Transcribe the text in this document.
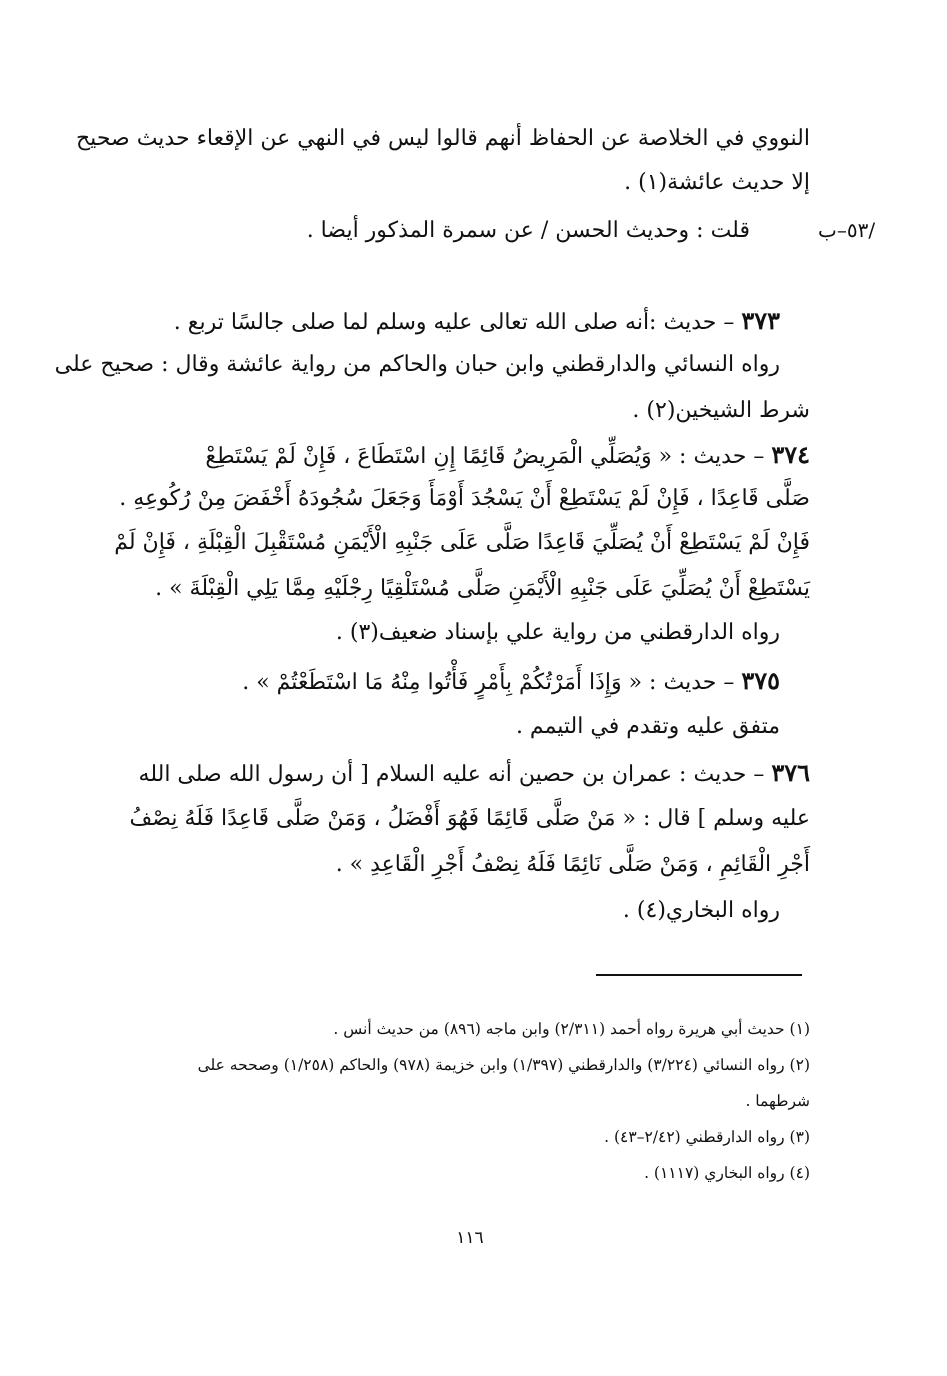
/٥٣–ب
النووي في الخلاصة عن الحفاظ أنهم قالوا ليس في النهي عن الإقعاء حديث صحيح
إلا حديث عائشة(١) .
قلت : وحديث الحسن / عن سمرة المذكور أيضا .
٣٧٣ – حديث :أنه صلى الله تعالى عليه وسلم لما صلى جالسًا تربع .
رواه النسائي والدارقطني وابن حبان والحاكم من رواية عائشة وقال : صحيح على
شرط الشيخين(٢) .
٣٧٤ – حديث : « وَيُصَلِّي الْمَرِيضُ قَائِمًا إِنِ اسْتَطَاعَ ، فَإِنْ لَمْ يَسْتَطِعْ
صَلَّى قَاعِدًا ، فَإِنْ لَمْ يَسْتَطِعْ أَنْ يَسْجُدَ أَوْمَأَ وَجَعَلَ سُجُودَهُ أَخْفَضَ مِنْ رُكُوعِهِ .
فَإِنْ لَمْ يَسْتَطِعْ أَنْ يُصَلِّيَ قَاعِدًا صَلَّى عَلَى جَنْبِهِ الْأَيْمَنِ مُسْتَقْبِلَ الْقِبْلَةِ ، فَإِنْ لَمْ
يَسْتَطِعْ أَنْ يُصَلِّيَ عَلَى جَنْبِهِ الْأَيْمَنِ صَلَّى مُسْتَلْقِيًا رِجْلَيْهِ مِمَّا يَلِي الْقِبْلَةَ » .
رواه الدارقطني من رواية علي بإسناد ضعيف(٣) .
٣٧٥ – حديث : « وَإِذَا أَمَرْتُكُمْ بِأَمْرٍ فَأْتُوا مِنْهُ مَا اسْتَطَعْتُمْ » .
متفق عليه وتقدم في التيمم .
٣٧٦ – حديث : عمران بن حصين أنه عليه السلام [ أن رسول الله صلى الله
عليه وسلم ] قال : « مَنْ صَلَّى قَائِمًا فَهُوَ أَفْضَلُ ، وَمَنْ صَلَّى قَاعِدًا فَلَهُ نِصْفُ
أَجْرِ الْقَائِمِ ، وَمَنْ صَلَّى نَائِمًا فَلَهُ نِصْفُ أَجْرِ الْقَاعِدِ » .
رواه البخاري(٤) .
(١) حديث أبي هريرة رواه أحمد (٢/٣١١) وابن ماجه (٨٩٦) من حديث أنس .
(٢) رواه النسائي (٣/٢٢٤) والدارقطني (١/٣٩٧) وابن خزيمة (٩٧٨) والحاكم (١/٢٥٨) وصححه على
شرطهما .
(٣) رواه الدارقطني (٢/٤٢–٤٣) .
(٤) رواه البخاري (١١١٧) .
١١٦
